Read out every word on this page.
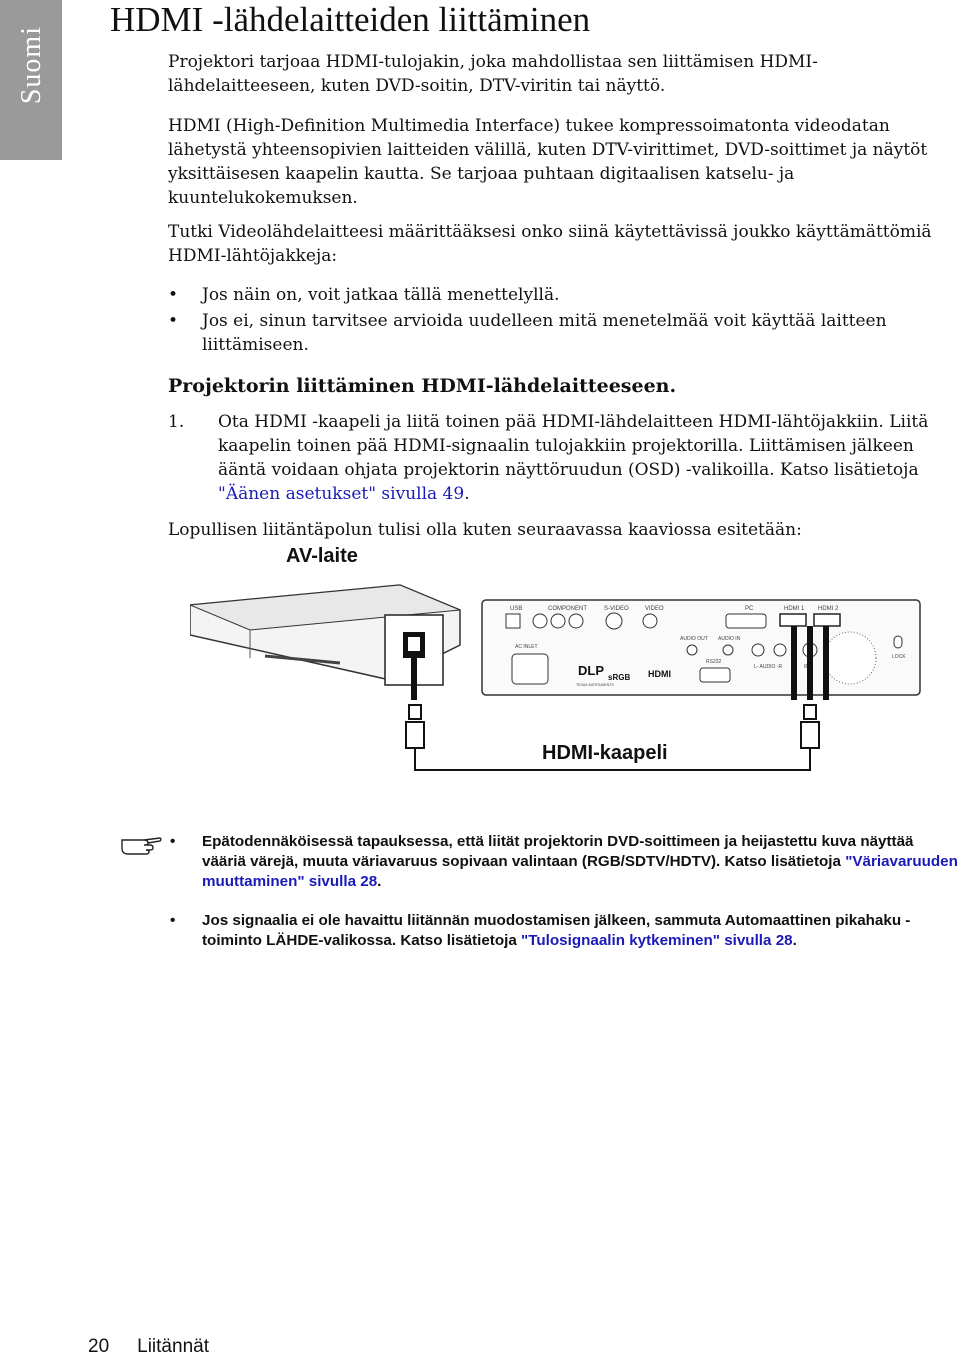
Suomi
HDMI -lähdelaitteiden liittäminen

Projektori tarjoaa HDMI-tulojakin, joka mahdollistaa sen liittämisen HDMI-lähdelaitteeseen, kuten DVD-soitin, DTV-viritin tai näyttö.

HDMI (High-Definition Multimedia Interface) tukee kompressoimatonta videodatan lähetystä yhteensopivien laitteiden välillä, kuten DTV-virittimet, DVD-soittimet ja näytöt yksittäisesen kaapelin kautta. Se tarjoaa puhtaan digitaalisen katselu- ja kuuntelukokemuksen.

Tutki Videolähdelaitteesi määrittääksesi onko siinä käytettävissä joukko käyttämättömiä HDMI-lähtöjakkeja:

• Jos näin on, voit jatkaa tällä menettelyllä.
• Jos ei, sinun tarvitsee arvioida uudelleen mitä menetelmää voit käyttää laitteen liittämiseen.
Projektorin liittäminen HDMI-lähdelaitteeseen.
1. Ota HDMI -kaapeli ja liitä toinen pää HDMI-lähdelaitteen HDMI-lähtöjakkiin. Liitä kaapelin toinen pää HDMI-signaalin tulojakkiin projektorilla. Liittämisen jälkeen ääntä voidaan ohjata projektorin näyttöruudun (OSD) -valikoilla. Katso lisätietoja "Äänen asetukset" sivulla 49.

Lopullisen liitäntäpolun tulisi olla kuten seuraavassa kaaviossa esitetään:

AV-laite
USB	COMPONENT	S-VIDEO	VIDEO	PC	HDMI 1 HDMI 2
AUDIO OUT AUDIO IN
AC INLET
RS232
L- AUDIO -R	IR
LOCK
DLP
TEXAS INSTRUMENTS
sRGB HDMI
HDMI-kaapeli
• Epätodennäköisessä tapauksessa, että liität projektorin DVD-soittimeen ja heijastettu kuva näyttää vääriä värejä, muuta väriavaruus sopivaan valintaan (RGB/SDTV/HDTV). Katso lisätietoja "Väriavaruuden muuttaminen" sivulla 28.
• Jos signaalia ei ole havaittu liitännän muodostamisen jälkeen, sammuta Automaattinen pikahaku -toiminto LÄHDE-valikossa. Katso lisätietoja "Tulosignaalin kytkeminen" sivulla 28.
20 Liitännät
